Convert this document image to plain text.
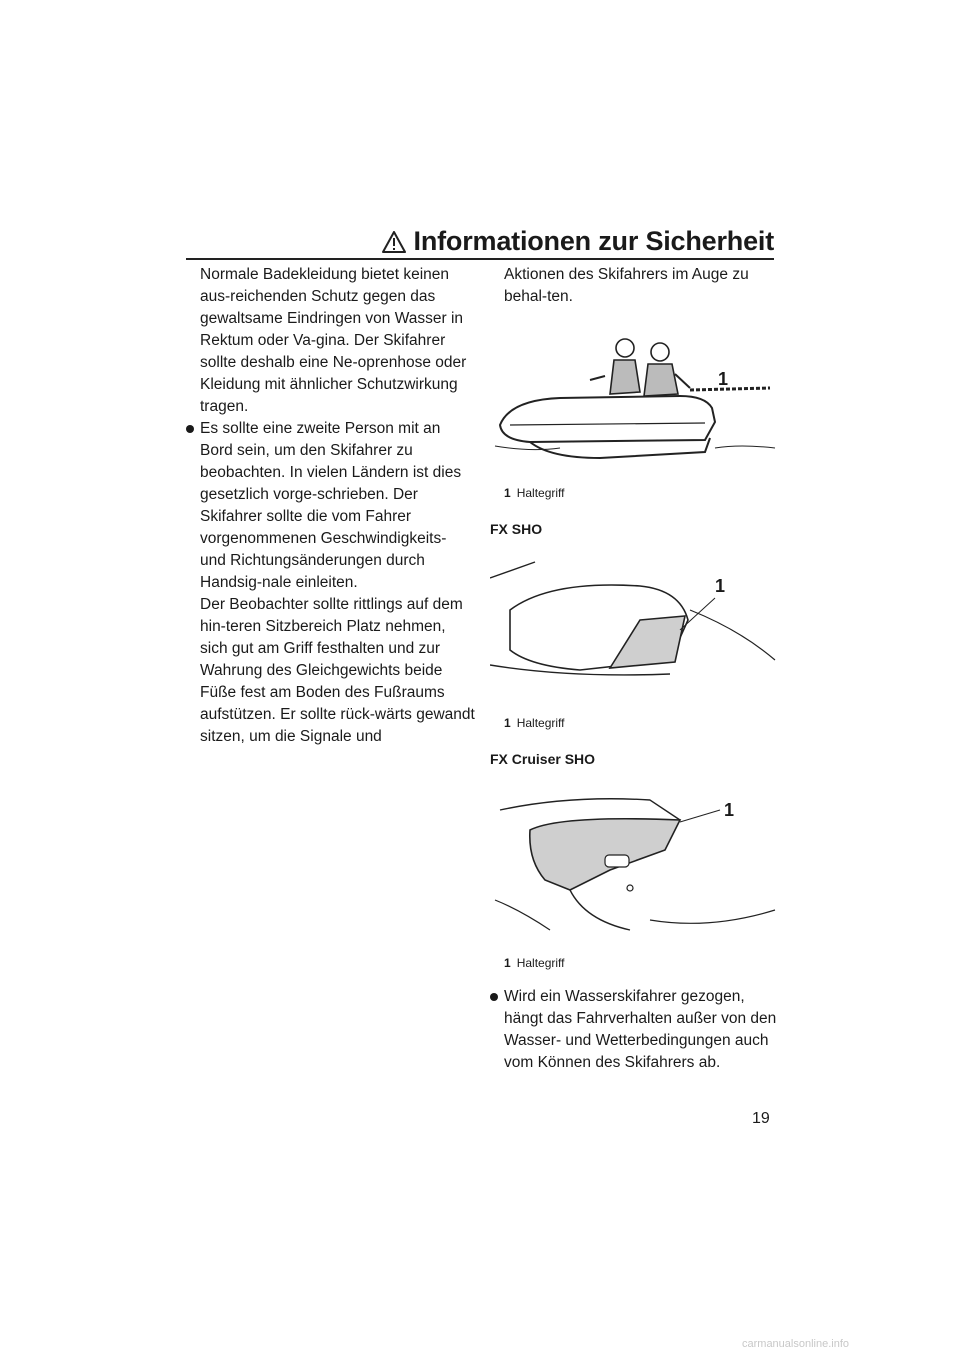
Informationen zur Sicherheit

Normale Badekleidung bietet keinen aus-reichenden Schutz gegen das gewaltsame Eindringen von Wasser in Rektum oder Va-gina. Der Skifahrer sollte deshalb eine Ne-oprenhose oder Kleidung mit ähnlicher Schutzwirkung tragen.

Es sollte eine zweite Person mit an Bord sein, um den Skifahrer zu beobachten. In vielen Ländern ist dies gesetzlich vorge-schrieben. Der Skifahrer sollte die vom Fahrer vorgenommenen Geschwindigkeits- und Richtungsänderungen durch Handsig-nale einleiten.

Der Beobachter sollte rittlings auf dem hin-teren Sitzbereich Platz nehmen, sich gut am Griff festhalten und zur Wahrung des Gleichgewichts beide Füße fest am Boden des Fußraums aufstützen. Er sollte rück-wärts gewandt sitzen, um die Signale und

Aktionen des Skifahrers im Auge zu behal-ten.

1
1 Haltegriff

FX SHO

1
1 Haltegriff

FX Cruiser SHO

1
1 Haltegriff

Wird ein Wasserskifahrer gezogen, hängt das Fahrverhalten außer von den Wasser- und Wetterbedingungen auch vom Können des Skifahrers ab.

19
carmanualsonline.info
